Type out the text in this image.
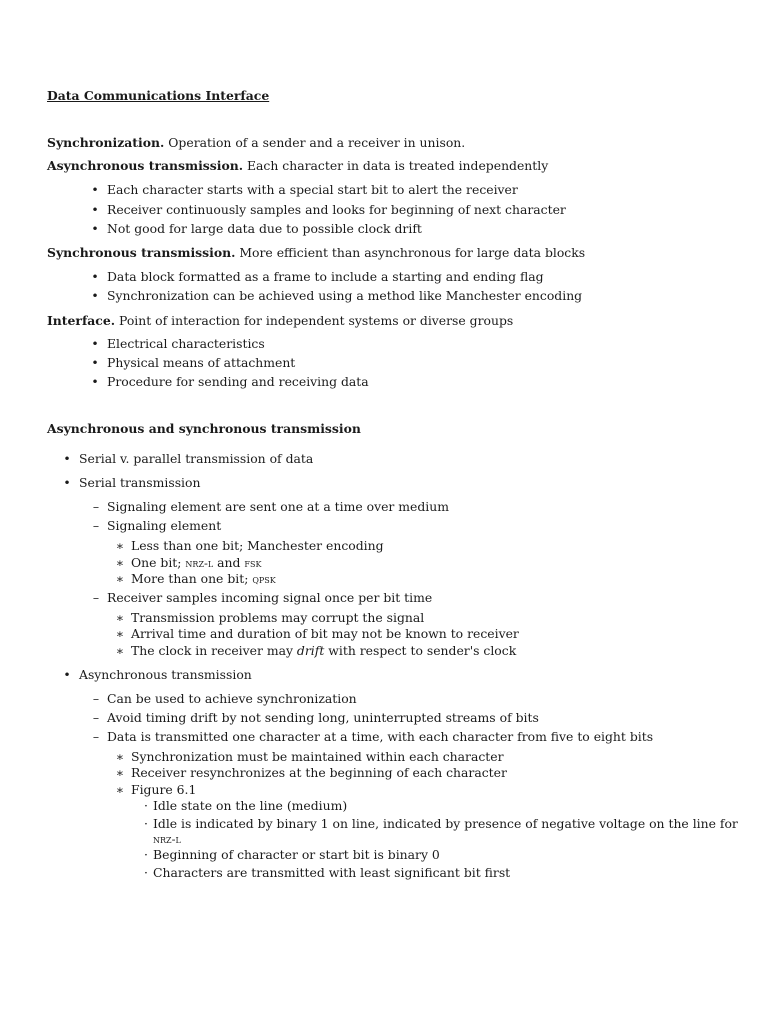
Data Communications Interface
Synchronization. Operation of a sender and a receiver in unison.
Asynchronous transmission. Each character in data is treated independently
• Each character starts with a special start bit to alert the receiver
• Receiver continuously samples and looks for beginning of next character
• Not good for large data due to possible clock drift
Synchronous transmission. More efficient than asynchronous for large data blocks
• Data block formatted as a frame to include a starting and ending flag
• Synchronization can be achieved using a method like Manchester encoding
Interface. Point of interaction for independent systems or diverse groups
• Electrical characteristics
• Physical means of attachment
• Procedure for sending and receiving data
Asynchronous and synchronous transmission
• Serial v. parallel transmission of data
• Serial transmission
– Signaling element are sent one at a time over medium
– Signaling element
∗ Less than one bit; Manchester encoding
∗ One bit; nrz-l and fsk
∗ More than one bit; qpsk
– Receiver samples incoming signal once per bit time
∗ Transmission problems may corrupt the signal
∗ Arrival time and duration of bit may not be known to receiver
∗ The clock in receiver may drift with respect to sender's clock
• Asynchronous transmission
– Can be used to achieve synchronization
– Avoid timing drift by not sending long, uninterrupted streams of bits
– Data is transmitted one character at a time, with each character from five to eight bits
∗ Synchronization must be maintained within each character
∗ Receiver resynchronizes at the beginning of each character
∗ Figure 6.1
· Idle state on the line (medium)
· Idle is indicated by binary 1 on line, indicated by presence of negative voltage on the line for
nrz-l
· Beginning of character or start bit is binary 0
· Characters are transmitted with least significant bit first
